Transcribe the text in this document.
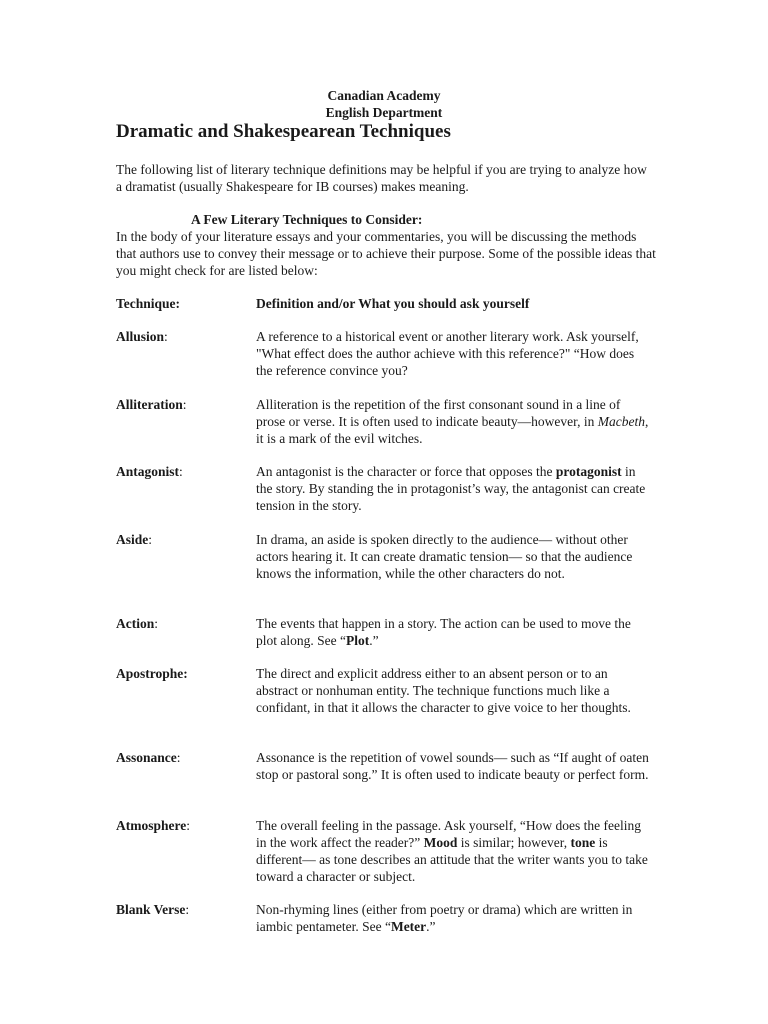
Canadian Academy
English Department
Dramatic and Shakespearean Techniques
The following list of literary technique definitions may be helpful if you are trying to analyze how a dramatist (usually Shakespeare for IB courses) makes meaning.
A Few Literary Techniques to Consider:
In the body of your literature essays and your commentaries, you will be discussing the methods that authors use to convey their message or to achieve their purpose. Some of the possible ideas that you might check for are listed below:
Technique:	Definition and/or What you should ask yourself
Allusion:	A reference to a historical event or another literary work. Ask yourself, "What effect does the author achieve with this reference?" “How does the reference convince you?
Alliteration:	Alliteration is the repetition of the first consonant sound in a line of prose or verse. It is often used to indicate beauty—however, in Macbeth, it is a mark of the evil witches.
Antagonist:	An antagonist is the character or force that opposes the protagonist in the story. By standing the in protagonist’s way, the antagonist can create tension in the story.
Aside:	In drama, an aside is spoken directly to the audience— without other actors hearing it. It can create dramatic tension— so that the audience knows the information, while the other characters do not.
Action:	The events that happen in a story. The action can be used to move the plot along. See “Plot.”
Apostrophe:	The direct and explicit address either to an absent person or to an abstract or nonhuman entity. The technique functions much like a confidant, in that it allows the character to give voice to her thoughts.
Assonance:	Assonance is the repetition of vowel sounds— such as “If aught of oaten stop or pastoral song.” It is often used to indicate beauty or perfect form.
Atmosphere:	The overall feeling in the passage. Ask yourself, “How does the feeling in the work affect the reader?” Mood is similar; however, tone is different— as tone describes an attitude that the writer wants you to take toward a character or subject.
Blank Verse:	Non-rhyming lines (either from poetry or drama) which are written in iambic pentameter. See “Meter.”
